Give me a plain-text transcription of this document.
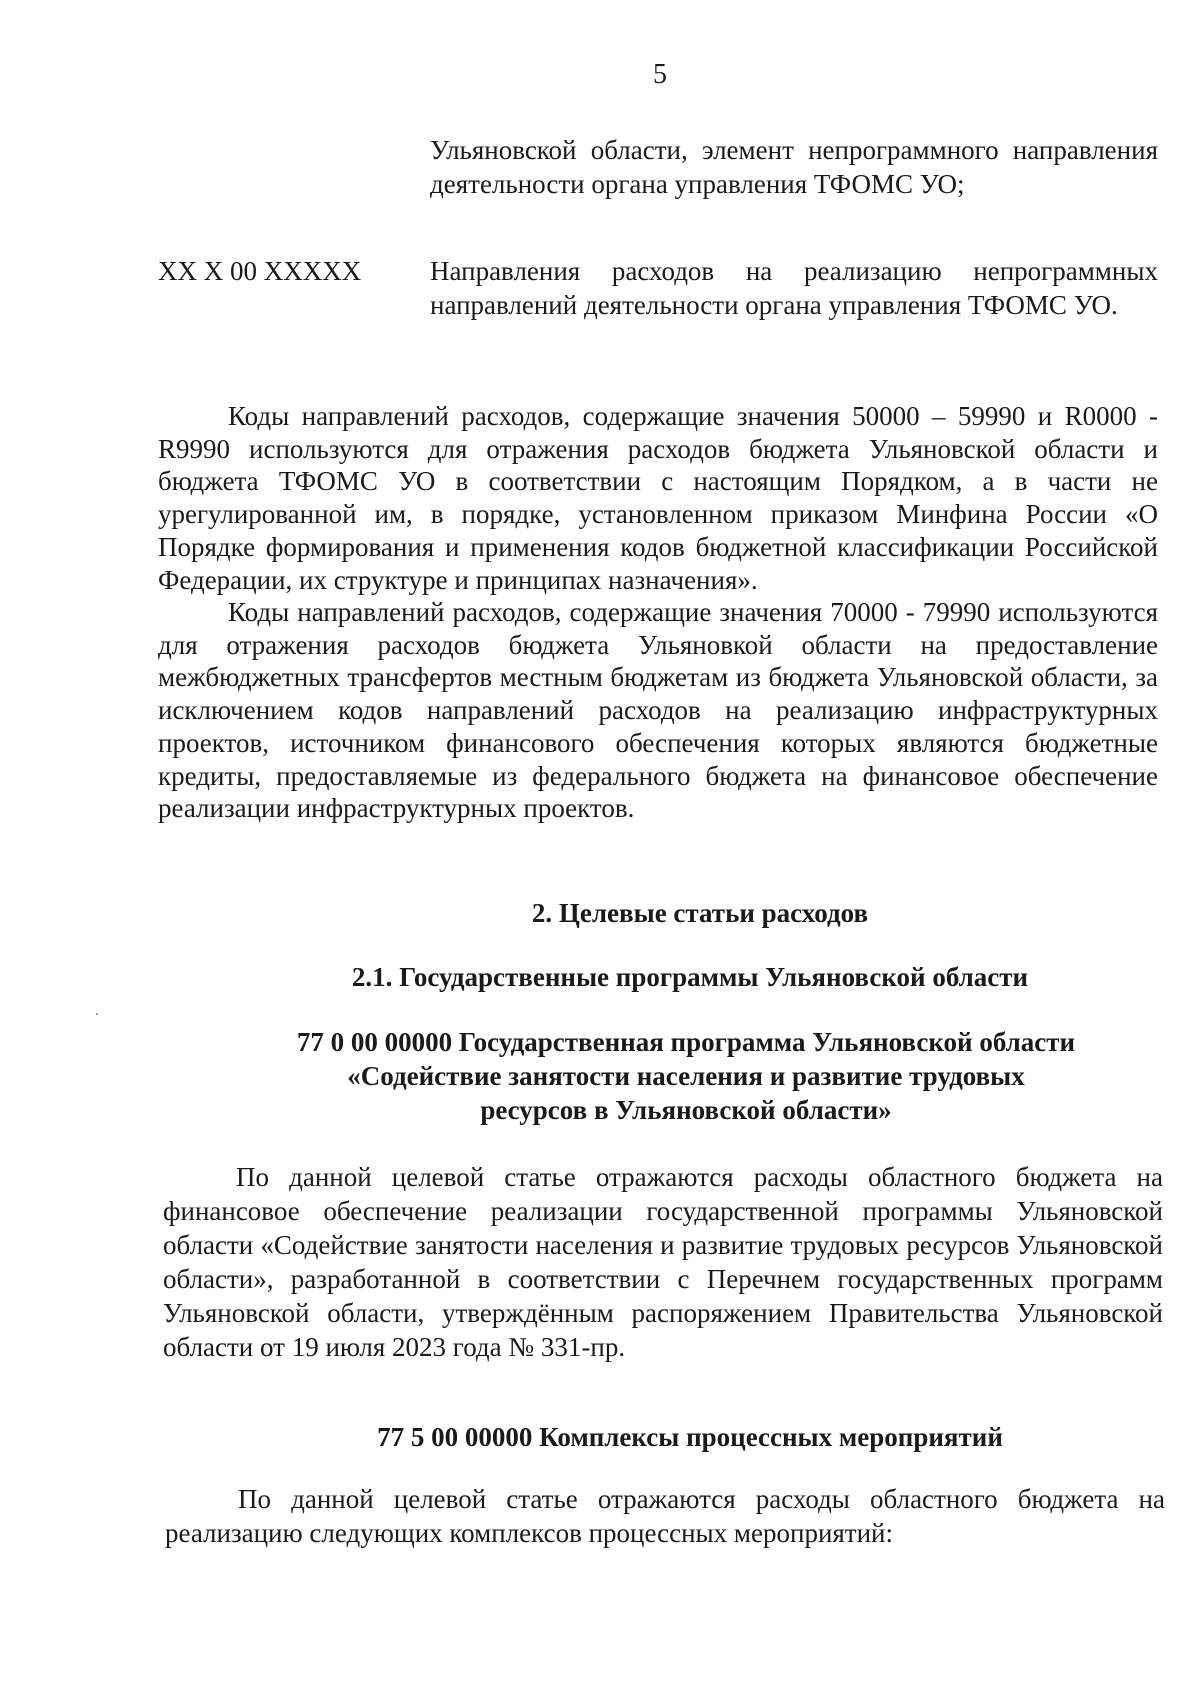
5
Ульяновской области, элемент непрограммного направления деятельности органа управления ТФОМС УО;
XX X 00 XXXXX	Направления расходов на реализацию непрограммных направлений деятельности органа управления ТФОМС УО.

Коды направлений расходов, содержащие значения 50000 – 59990 и R0000 - R9990 используются для отражения расходов бюджета Ульяновской области и бюджета ТФОМС УО в соответствии с настоящим Порядком, а в части не урегулированной им, в порядке, установленном приказом Минфина России «О Порядке формирования и применения кодов бюджетной классификации Российской Федерации, их структуре и принципах назначения».

Коды направлений расходов, содержащие значения 70000 - 79990 используются для отражения расходов бюджета Ульяновкой области на предоставление межбюджетных трансфертов местным бюджетам из бюджета Ульяновской области, за исключением кодов направлений расходов на реализацию инфраструктурных проектов, источником финансового обеспечения которых являются бюджетные кредиты, предоставляемые из федерального бюджета на финансовое обеспечение реализации инфраструктурных проектов.

2. Целевые статьи расходов
2.1. Государственные программы Ульяновской области
77 0 00 00000 Государственная программа Ульяновской области
«Содействие занятости населения и развитие трудовых
ресурсов в Ульяновской области»

По данной целевой статье отражаются расходы областного бюджета на финансовое обеспечение реализации государственной программы Ульяновской области «Содействие занятости населения и развитие трудовых ресурсов Ульяновской области», разработанной в соответствии с Перечнем государственных программ Ульяновской области, утверждённым распоряжением Правительства Ульяновской области от 19 июля 2023 года № 331-пр.

77 5 00 00000 Комплексы процессных мероприятий

По данной целевой статье отражаются расходы областного бюджета на реализацию следующих комплексов процессных мероприятий:
